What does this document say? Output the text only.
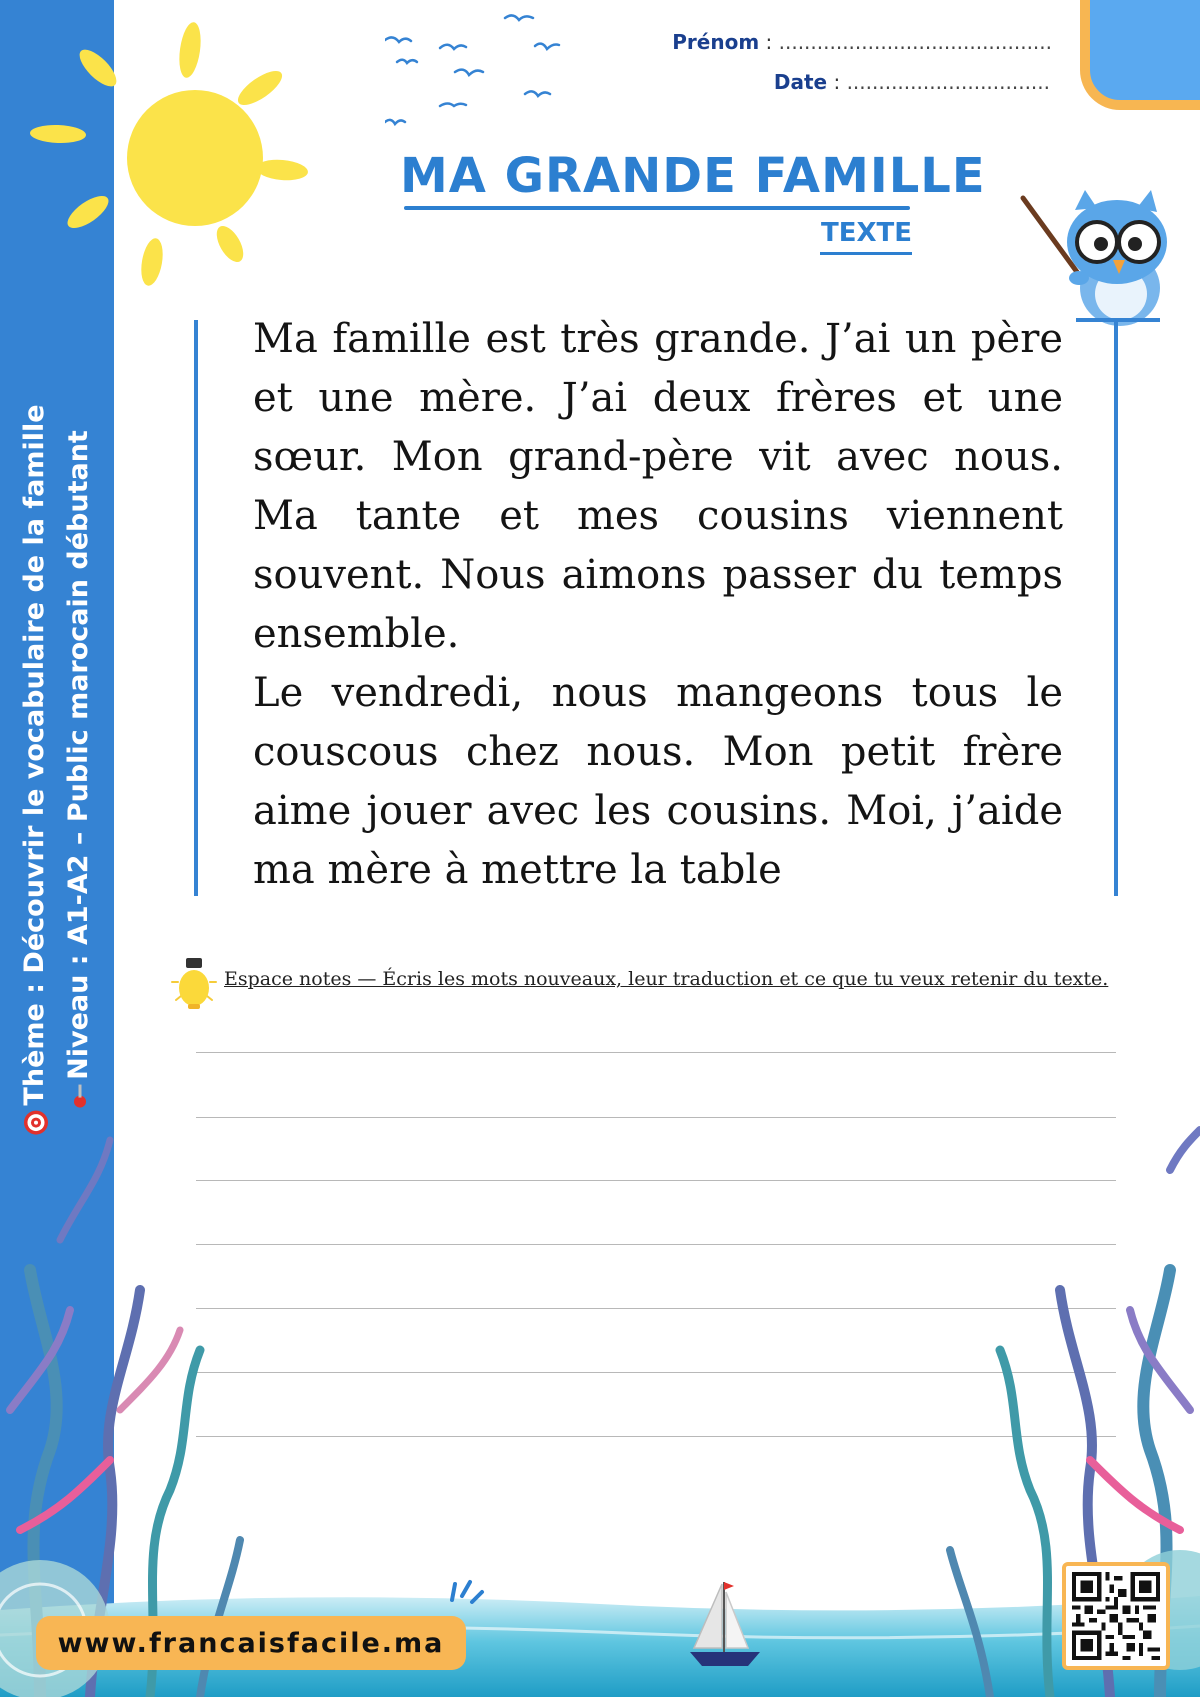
Thème : Découvrir le vocabulaire de la famille Niveau : A1-A2 – Public marocain débutant
Prénom : ...........................................
Date : ................................
MA GRANDE FAMILLE
TEXTE

Ma famille est très grande. J’ai un père et une mère. J’ai deux frères et une sœur. Mon grand-père vit avec nous. Ma tante et mes cousins viennent souvent. Nous aimons passer du temps ensemble.

Le vendredi, nous mangeons tous le couscous chez nous. Mon petit frère aime jouer avec les cousins. Moi, j’aide ma mère à mettre la table

Espace notes — Écris les mots nouveaux, leur traduction et ce que tu veux retenir du texte.
www.francaisfacile.ma
